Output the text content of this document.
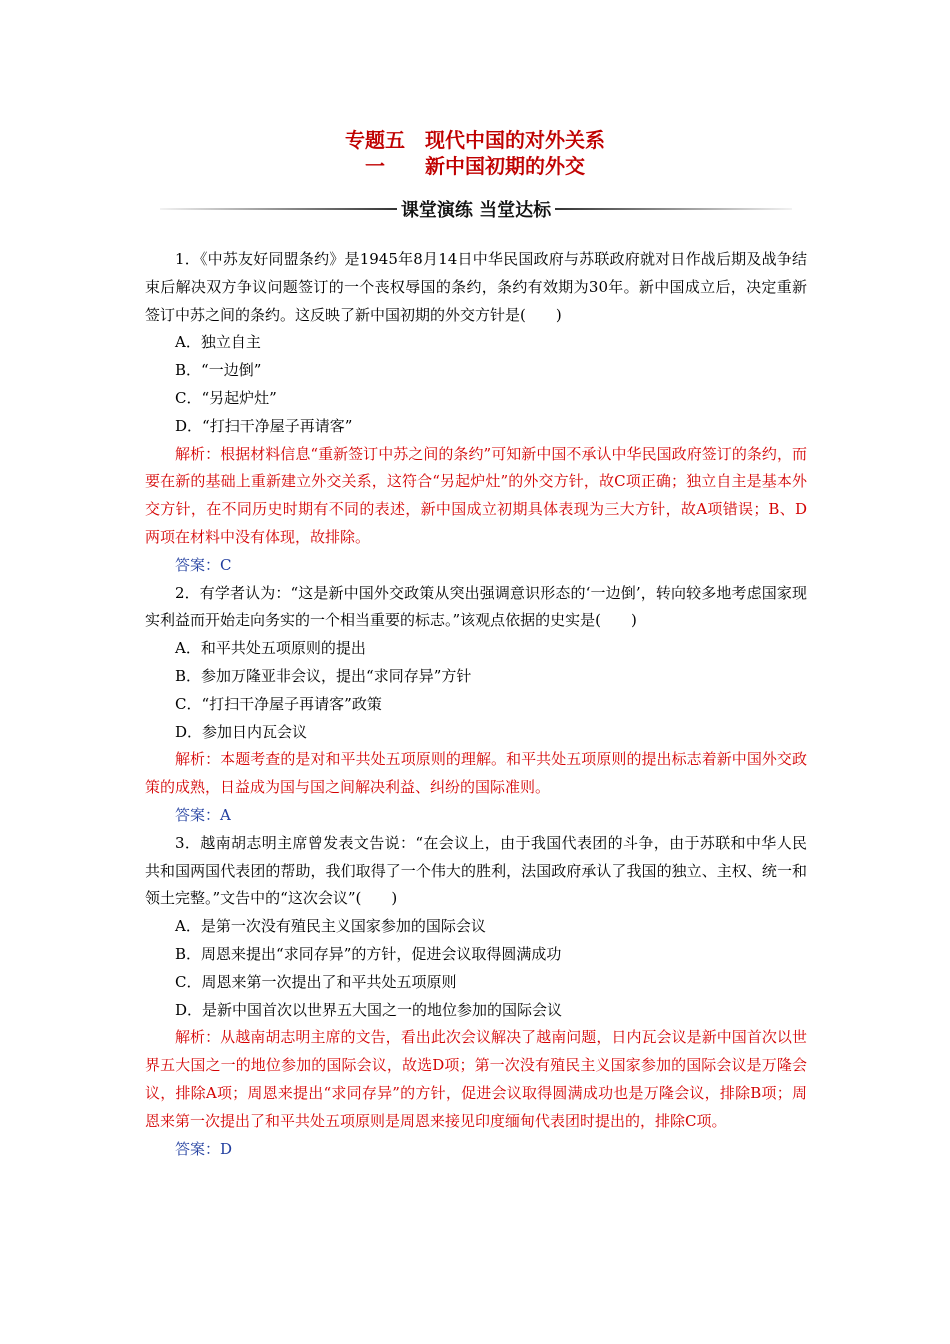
专题五　现代中国的对外关系
一　　新中国初期的外交
课堂演练 当堂达标

1．《中苏友好同盟条约》是1945年8月14日中华民国政府与苏联政府就对日作战后期及战争结束后解决双方争议问题签订的一个丧权辱国的条约，条约有效期为30年。新中国成立后，决定重新签订中苏之间的条约。这反映了新中国初期的外交方针是(　　)

A．独立自主

B．“一边倒”

C．“另起炉灶”

D．“打扫干净屋子再请客”

解析：根据材料信息“重新签订中苏之间的条约”可知新中国不承认中华民国政府签订的条约，而要在新的基础上重新建立外交关系，这符合“另起炉灶”的外交方针，故C项正确；独立自主是基本外交方针，在不同历史时期有不同的表述，新中国成立初期具体表现为三大方针，故A项错误；B、D两项在材料中没有体现，故排除。

答案：C

2．有学者认为：“这是新中国外交政策从突出强调意识形态的‘一边倒’，转向较多地考虑国家现实利益而开始走向务实的一个相当重要的标志。”该观点依据的史实是(　　)

A．和平共处五项原则的提出

B．参加万隆亚非会议，提出“求同存异”方针

C．“打扫干净屋子再请客”政策

D．参加日内瓦会议

解析：本题考查的是对和平共处五项原则的理解。和平共处五项原则的提出标志着新中国外交政策的成熟，日益成为国与国之间解决利益、纠纷的国际准则。

答案：A

3．越南胡志明主席曾发表文告说：“在会议上，由于我国代表团的斗争，由于苏联和中华人民共和国两国代表团的帮助，我们取得了一个伟大的胜利，法国政府承认了我国的独立、主权、统一和领土完整。”文告中的“这次会议”(　　)

A．是第一次没有殖民主义国家参加的国际会议

B．周恩来提出“求同存异”的方针，促进会议取得圆满成功

C．周恩来第一次提出了和平共处五项原则

D．是新中国首次以世界五大国之一的地位参加的国际会议

解析：从越南胡志明主席的文告，看出此次会议解决了越南问题，日内瓦会议是新中国首次以世界五大国之一的地位参加的国际会议，故选D项；第一次没有殖民主义国家参加的国际会议是万隆会议，排除A项；周恩来提出“求同存异”的方针，促进会议取得圆满成功也是万隆会议，排除B项；周恩来第一次提出了和平共处五项原则是周恩来接见印度缅甸代表团时提出的，排除C项。

答案：D
